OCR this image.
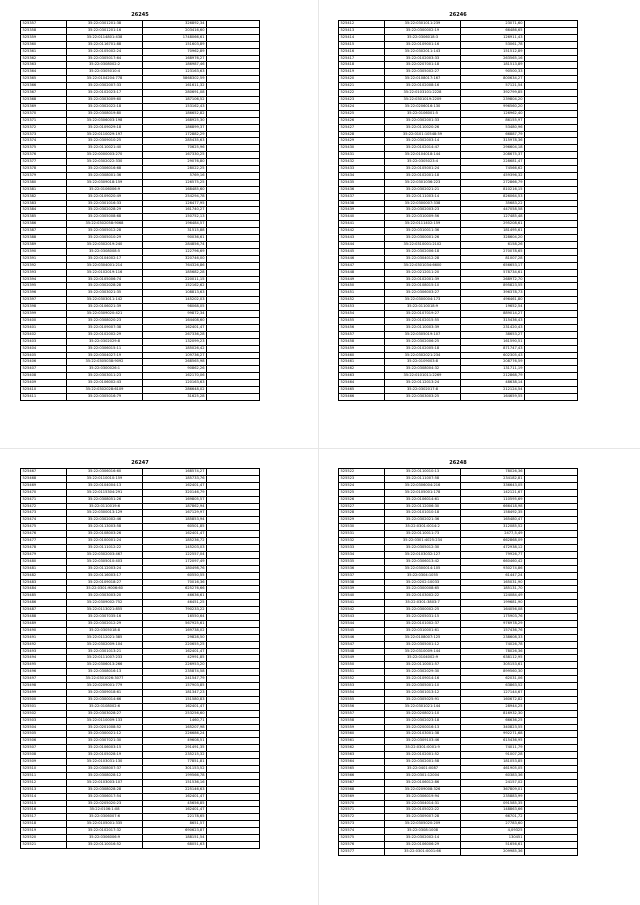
26245
525357	35:22:0301201:38	326892,34	
525358	35:22:0301201:16	203416,60	
525359	35:22:0114801:438	1748066,61	
525360	35:22:0116701:88	151603,89	
525361	35:22:0105002:24	70962,89	
525362	35:22:0305017:64	168976,27	
525363	35:22:0308002:2	186987,46	
525364	35:22:0305010:4	123163,63	
525365	35:22:0104204:778	5868302,59	
525366	35:22:0302007:33	161611,32	
525367	35:22:0102023:17	280691,08	
525368	35:22:0303009:60	187106,52	
525369	35:22:0302022:18	153162,43	
525370	35:22:0308019:80	186652,82	
525371	35:22:0306003:198	168925,30	
525372	35:22:0109029:18	186899,37	
525373	35:22:0110029:197	172882,29	
525374	35:22:0309010:25	285435,63	
525375	35:22:0110021:40	70625,96	
525376	35:22:0000003:270	167330,25	
525377	35:22:0302022:330	29076,80	
525378	35:22:0306016:68	28022,25	
525379	35:22:0308001:36	5769,16	
525380	35:22:0309018:159	126575,25	
525381	35:22:0106006:9	168485,60	
525382	35:22:0109020:49	254294,78	
525383	35:22:0301016:33	126477,95	
525384	35:22:0302028:29	161740,27	
525385	35:22:0305008:68	150752,13	
525386	35:22:0302058:9068	196484,57	
525387	35:22:0305012:28	31515,88	
525388	35:22:0305010:29	90036,61	
525389	35:22:0302019:240	284856,74	
525390	35:22:0308008:5	122796,69	
525391	35:22:0104002:17	320746,00	
525392	35:22:0304001:214	764326,86	
525393	35:22:0102019:116	185682,28	
525394	35:22:0105006:74	220011,15	
525395	35:22:0302028:28	152162,62	
525396	35:22:0303021:35	108813,63	
525397	35:22:0303011:142	145202,03	
525398	35:22:0106021:39	98068,05	
525399	35:22:0309020:421	99872,34	
525400	35:22:0308020:23	164408,60	
525401	35:22:0109007:38	162401,47	
525402	35:22:0102002:29	267336,28	
525403	35:22:0302029:8	132099,23	
525404	35:22:0306015:11	185026,42	
525405	35:22:0304027:19	109736,27	
525406	35:22:0305038:9092	268565,98	
525407	35:22:0300026:1	90862,26	
525408	35:22:0303011:23	162170,06	
525409	35:22:0106002:43	120163,63	
525410	35:22:0302028:6109	286648,02	
525411	35:22:0305016:79	31625,28	
26246
525412	35:22:0301011:239	23071,60	
525413	35:22:0300002:19	66486,65	
525414	35:22:0306018:3	126911,43	
525415	35:22:0109001:16	53061,78	
525416	35:22:0302011:143	151512,89	
525417	35:22:0102003:33	263565,16	
525418	35:22:0207001:18	181513,89	
525419	35:22:0305002:27	90500,33	
525420	35:22:0108017:167	800634,27	
525421	35:22:0102008:16	57121,54	
525422	35:22:0103101:2228	392799,85	
525423	35:22:0301019:2209	239804,20	
525424	35:22:0206016:130	996560,20	
525425	35:22:0106001:5	126962,40	
525426	35:22:0302001:33	86155,97	
525427	35:22:0110020:26	53480,96	
525428	35:22:0101:10548:59	66887,79	
525429	35:22:0302003:14	315978,36	
525430	35:22:0102014:47	296604,18	
525431	35:22:0104018:144	208675,37	
525432	35:22:0305023:4	228681,47	
525433	35:22:0105001:24	74566,62	
525434	35:22:0102001:18	459396,32	
525435	35:22:0301036:223	272866,79	
525436	35:22:0302021:21	810216,15	
525437	35:22:0111003:14	826064,53	
525438	35:22:0300007:338	35683,22	
525439	35:22:0302003:23	447058,58	
525440	35:22:0310009:56	127485,48	
525441	35:22:0111402:159	295208,61	
525442	35:22:0310011:36	181495,61	
525443	35:22:0300001:26	328604,20	
525444	35:22:0310001:2102	6158,26	
525445	35:22:0302006:18	270078,65	
525446	35:22:0304012:28	81007,28	
525447	35:22:0301034:6600	656653,17	
525448	35:22:0212011:20	578734,61	
525449	35:22:0102001:39	268972,70	
525450	35:22:0108015:10	895823,55	
525451	35:22:0306003:27	396378,73	
525452	35:22:0300004:173	496461,80	
525453	35:22:0110018:9	19652,54	
525454	35:22:0107019:27	889014,27	
525455	35:22:0102015:55	315436,43	
525456	35:22:0110003:39	231420,43	
525457	35:22:0305019:107	38653,27	
525458	35:22:0302006:25	161590,51	
525459	35:22:0102005:18	871747,43	
525460	35:22:0302021:234	602305,43	
525461	35:22:0109003:8	208776,59	
525462	35:22:0308004:32	131711,19	
525463	35:22:0101011:2269	212868,79	
525464	35:22:0112013:24	48638,14	
525465	35:22:0302017:8	212124,54	
525466	35:22:0303003:25	164659,55	
26247
525467	35:22:0306016:60	168574,27	
525468	35:22:0110010:159	185733,76	
525469	35:22:0104004:13	162401,47	
525470	35:22:0115304:291	320146,79	
525471	35:22:0308051:26	169805,57	
525472	35:22:0110019:6	187862,94	
525473	35:22:0300013:129	167129,97	
525474	35:22:0302002:46	185853,94	
525475	35:22:0113003:58	60501,85	
525476	35:22:0108003:26	162401,47	
525477	35:22:0100001:24	185236,72	
525478	35:22:0111012:22	145203,03	
525479	35:22:0302003:467	122557,04	
525480	35:22:0305010:403	172097,49	
525481	35:22:0112003:24	180498,76	
525482	35:22:0116003:17	60550,55	
525483	35:22:0109018:27	70016,36	
525484	35:22:0301:9006:60	625276,66	
525485	35:22:0303003:20	46636,61	
525486	35:22:0309002:752	46451,25	
525487	35:22:0113021:855	790233,22	
525488	35:22:0307035:16	16550,64	
525489	35:22:0302012:29	567925,61	
525490	35:22:0305018:8	169738,02	
525491	35:22:0112021:385	29828,50	
525492	35:22:0302009:104	220655,25	
525493	35:22:0301013:21	162401,47	
525494	35:22:0111007:233	42991,85	
525495	35:22:0306013:266	226953,20	
525496	35:22:0308016:13	235874,58	
525497	35:22:0301026:3077	241547,79	
525498	35:22:0209001:779	157903,85	
525499	35:22:0309018:61	181347,23	
525500	35:22:0300014:66	151580,83	
525501	35:22:0108002:6	162401,47	
525502	35:22:0303028:27	253256,60	
525503	35:22:0110009:133	1460,71	
525504	35:22:0201008:52	165207,98	
525505	35:22:0300021:12	226686,24	
525506	35:22:0307021:30	49608,51	
525507	35:22:0106003:15	291491,35	
525508	35:22:0105028:19	235215,32	
525509	35:22:0103031:130	77851,81	
525510	35:22:0308007:37	301153,52	
525511	35:22:0308028:12	199566,78	
525512	35:22:0103003:107	151536,16	
525513	35:22:0308028:28	225146,63	
525514	35:22:0306017:54	162401,47	
525515	35:22:0205020:23	45656,85	
525516	35:22:0106:1:08	162401,47	
525517	35:22:0306007:6	22178,65	
525518	35:22:0105001:335	8651,57	
525519	35:22:0102017:32	690623,87	
525520	35:22:0306006:9	188151,54	
525521	35:22:0110016:52	68051,63	
26248
525522	35:22:0110010:13	78026,36	
525523	35:22:0111007:58	234182,81	
525524	35:22:0306004:216	336643,05	
525525	35:22:0105001:178	142121,67	
525526	35:22:0106014:61	110595,69	
525527	35:22:0112006:30	666418,98	
525528	35:22:0101010:18	158492,35	
525529	35:22:0302021:36	165480,47	
525530	35:22:0301:0014:2	312085,52	
525531	35:22:0110011:73	2477,5,49	
525532	35:22:0301:4025:234	662868,09	
525533	35:22:0305012:30	472938,12	
525534	35:22:0103032:127	79926,77	
525535	35:22:0306013:42	660460,42	
525536	35:22:0300014:105	930274,86	
525537	35:22:0304:1055	61447,24	
525538	35:22:0202:10033	165031,90	
525539	35:22:0300008:65	185131,70	
525540	35:22:0103002:22	124084,49	
525541	35:22:0301:3803:7	199681,90	
525542	35:22:0300002:25	164056,08	
525543	35:22:0205031:15	175903,76	
525544	35:22:0101002:37	976978,29	
525545	35:22:0310001:61	157436,76	
525546	35:22:0108007:125	238608,33	
525547	35:22:0305001:12	74026,78	
525548	35:22:0310009:144	78026,36	
525549	35:22:0104002:9	638112,95	
525550	35:22:0110001:57	305153,61	
525551	35:22:0302029:30	899560,30	
525552	35:22:0109014:16	62031,06	
525553	35:22:0305001:10	63863,52	
525554	35:22:0301013:12	127144,67	
525555	35:22:0305025:91	160672,82	
525556	35:22:0301021:144	28944,25	
525557	35:22:0208021:10	816932,30	
525558	35:22:0302023:18	66636,25	
525559	35:22:0200016:13	340823,55	
525560	35:22:0103001:38	992271,68	
525561	35:22:0309103:46	615436,95	
525562	35:22:0301:0001:9	74011,79	
525563	35:22:0102001:52	91007,28	
525564	35:22:0302001:58	181053,85	
525565	35:22:0401:0087	461905,05	
525566	35:22:0301:12004	60383,36	
525567	35:22:0106012:86	24157,02	
525568	35:22:0209008:326	367809,01	
525569	35:22:0306019:94	235883,99	
525570	35:22:0304014:31	091585,35	
525571	35:22:0105022:22	148863,66	
525572	35:22:0309007:28	66701,72	
525573	35:22:0305020:209	27783,60	
525574	35:22:0308:1008	4,09325	
525575	35:22:0302002:14	130451	
525576	35:22:0106006:29	51656,61	
525577	35:22:0301:0001:66	209985,36	
